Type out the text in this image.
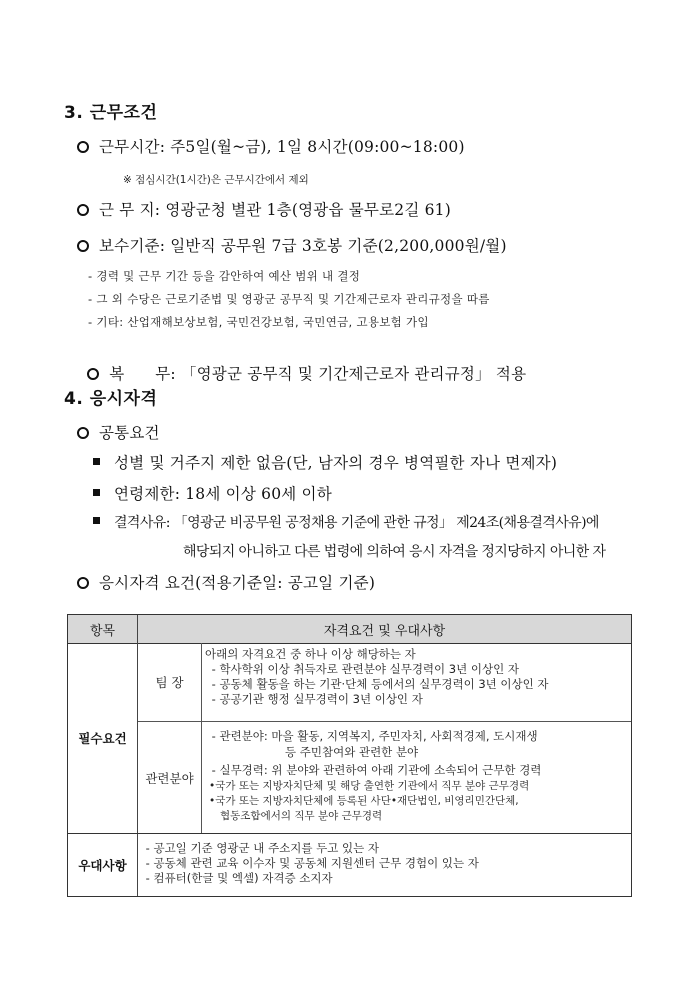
3. 근무조건
근무시간: 주5일(월~금), 1일 8시간(09:00~18:00)
※ 점심시간(1시간)은 근무시간에서 제외
근 무 지: 영광군청 별관 1층(영광읍 물무로2길 61)
보수기준: 일반직 공무원 7급 3호봉 기준(2,200,000원/월)
- 경력 및 근무 기간 등을 감안하여 예산 범위 내 결정
- 그 외 수당은 근로기준법 및 영광군 공무직 및 기간제근로자 관리규정을 따름
- 기타: 산업재해보상보험, 국민건강보험, 국민연금, 고용보험 가입

복      무: 「영광군 공무직 및 기간제근로자 관리규정」 적용

4. 응시자격
공통요건
성별 및 거주지 제한 없음(단, 남자의 경우 병역필한 자나 면제자)
연령제한: 18세 이상 60세 이하
결격사유: 「영광군 비공무원 공정채용 기준에 관한 규정」 제24조(채용결격사유)에
해당되지 아니하고 다른 법령에 의하여 응시 자격을 정지당하지 아니한 자
응시자격 요건(적용기준일: 공고일 기준)
항목	자격요건 및 우대사항
필수요건
우대사항
팀 장
관련분야
아래의 자격요건 중 하나 이상 해당하는 자
- 학사학위 이상 취득자로 관련분야 실무경력이 3년 이상인 자
- 공동체 활동을 하는 기관·단체 등에서의 실무경력이 3년 이상인 자
- 공공기관 행정 실무경력이 3년 이상인 자
- 관련분야: 마을 활동, 지역복지, 주민자치, 사회적경제, 도시재생
등 주민참여와 관련한 분야
- 실무경력: 위 분야와 관련하여 아래 기관에 소속되어 근무한 경력
•국가 또는 지방자치단체 및 해당 출연한 기관에서 직무 분야 근무경력
•국가 또는 지방자치단체에 등록된 사단•재단법인, 비영리민간단체,
협동조합에서의 직무 분야 근무경력
- 공고일 기준 영광군 내 주소지를 두고 있는 자
- 공동체 관련 교육 이수자 및 공동체 지원센터 근무 경험이 있는 자
- 컴퓨터(한글 및 엑셀) 자격증 소지자
